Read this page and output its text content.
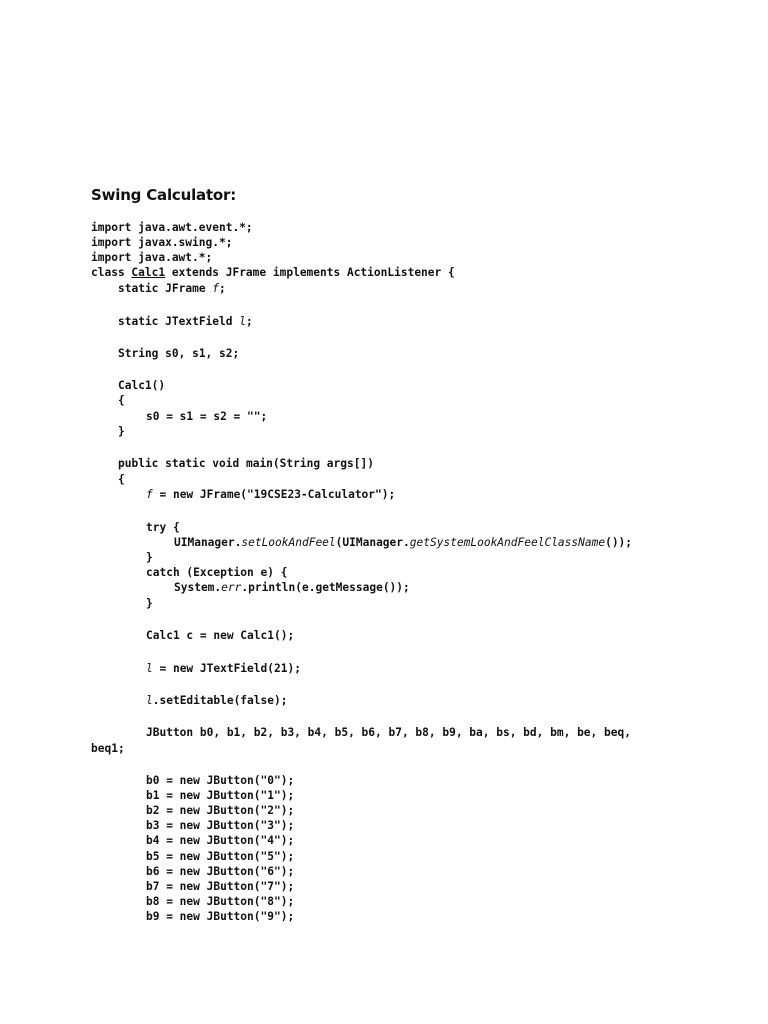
Swing Calculator:

import java.awt.event.*;

import javax.swing.*;

import java.awt.*;

class Calc1 extends JFrame implements ActionListener {

static JFrame f;

static JTextField l;

String s0, s1, s2;

Calc1()

{

s0 = s1 = s2 = "";

}

public static void main(String args[])

{

f = new JFrame("19CSE23-Calculator");

try {

UIManager.setLookAndFeel(UIManager.getSystemLookAndFeelClassName());

}

catch (Exception e) {

System.err.println(e.getMessage());

}

Calc1 c = new Calc1();

l = new JTextField(21);

l.setEditable(false);

JButton b0, b1, b2, b3, b4, b5, b6, b7, b8, b9, ba, bs, bd, bm, be, beq,

beq1;

b0 = new JButton("0");

b1 = new JButton("1");

b2 = new JButton("2");

b3 = new JButton("3");

b4 = new JButton("4");

b5 = new JButton("5");

b6 = new JButton("6");

b7 = new JButton("7");

b8 = new JButton("8");

b9 = new JButton("9");
